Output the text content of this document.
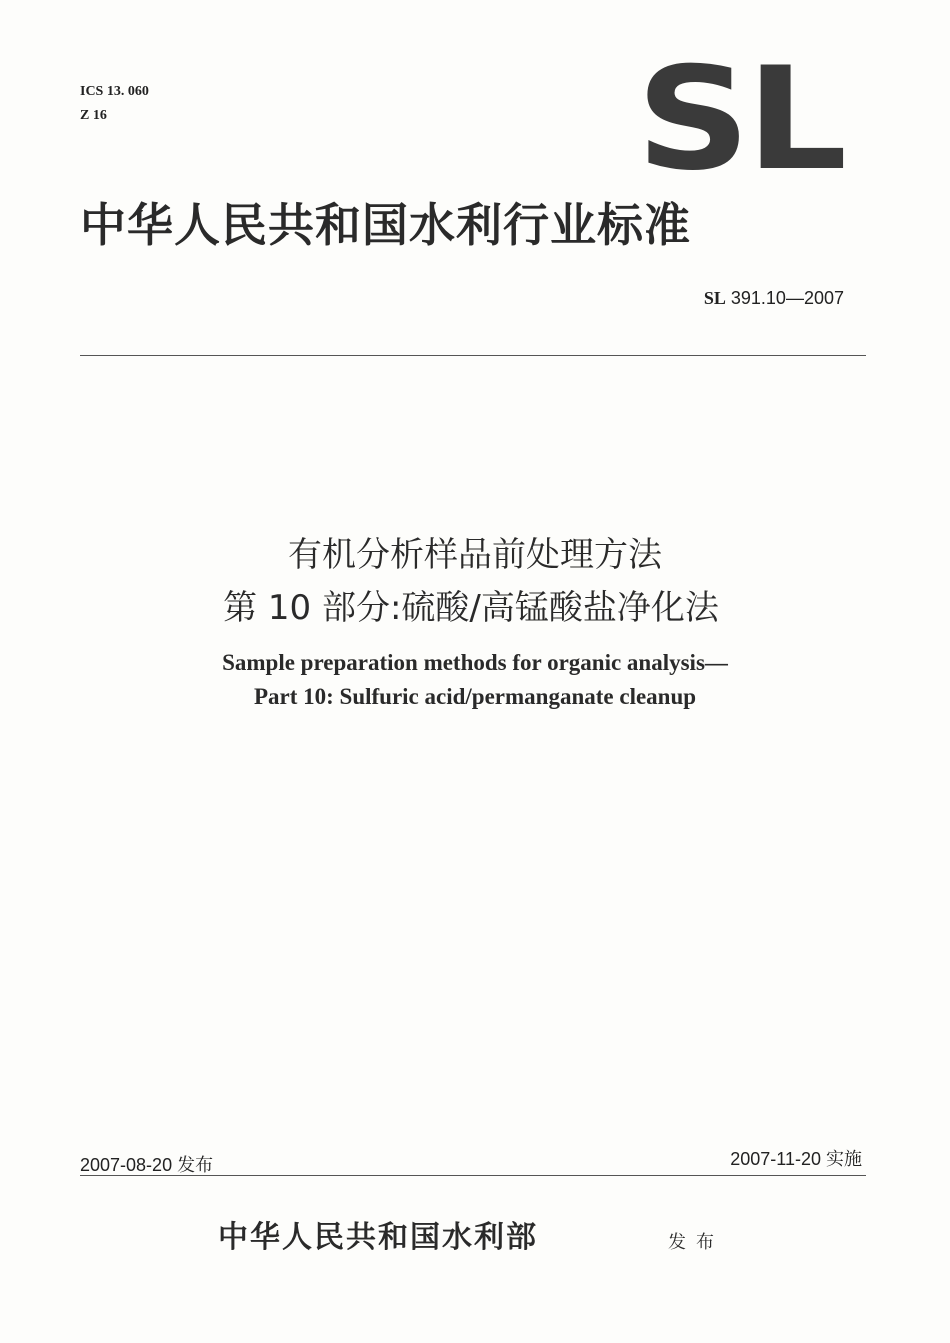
ICS 13. 060
Z 16	SL
中华人民共和国水利行业标准
SL 391.10—2007
有机分析样品前处理方法
第 10 部分:硫酸/高锰酸盐净化法
Sample preparation methods for organic analysis—
Part 10: Sulfuric acid/permanganate cleanup
2007-08-20 发布	2007-11-20 实施
中华人民共和国水利部	发布
